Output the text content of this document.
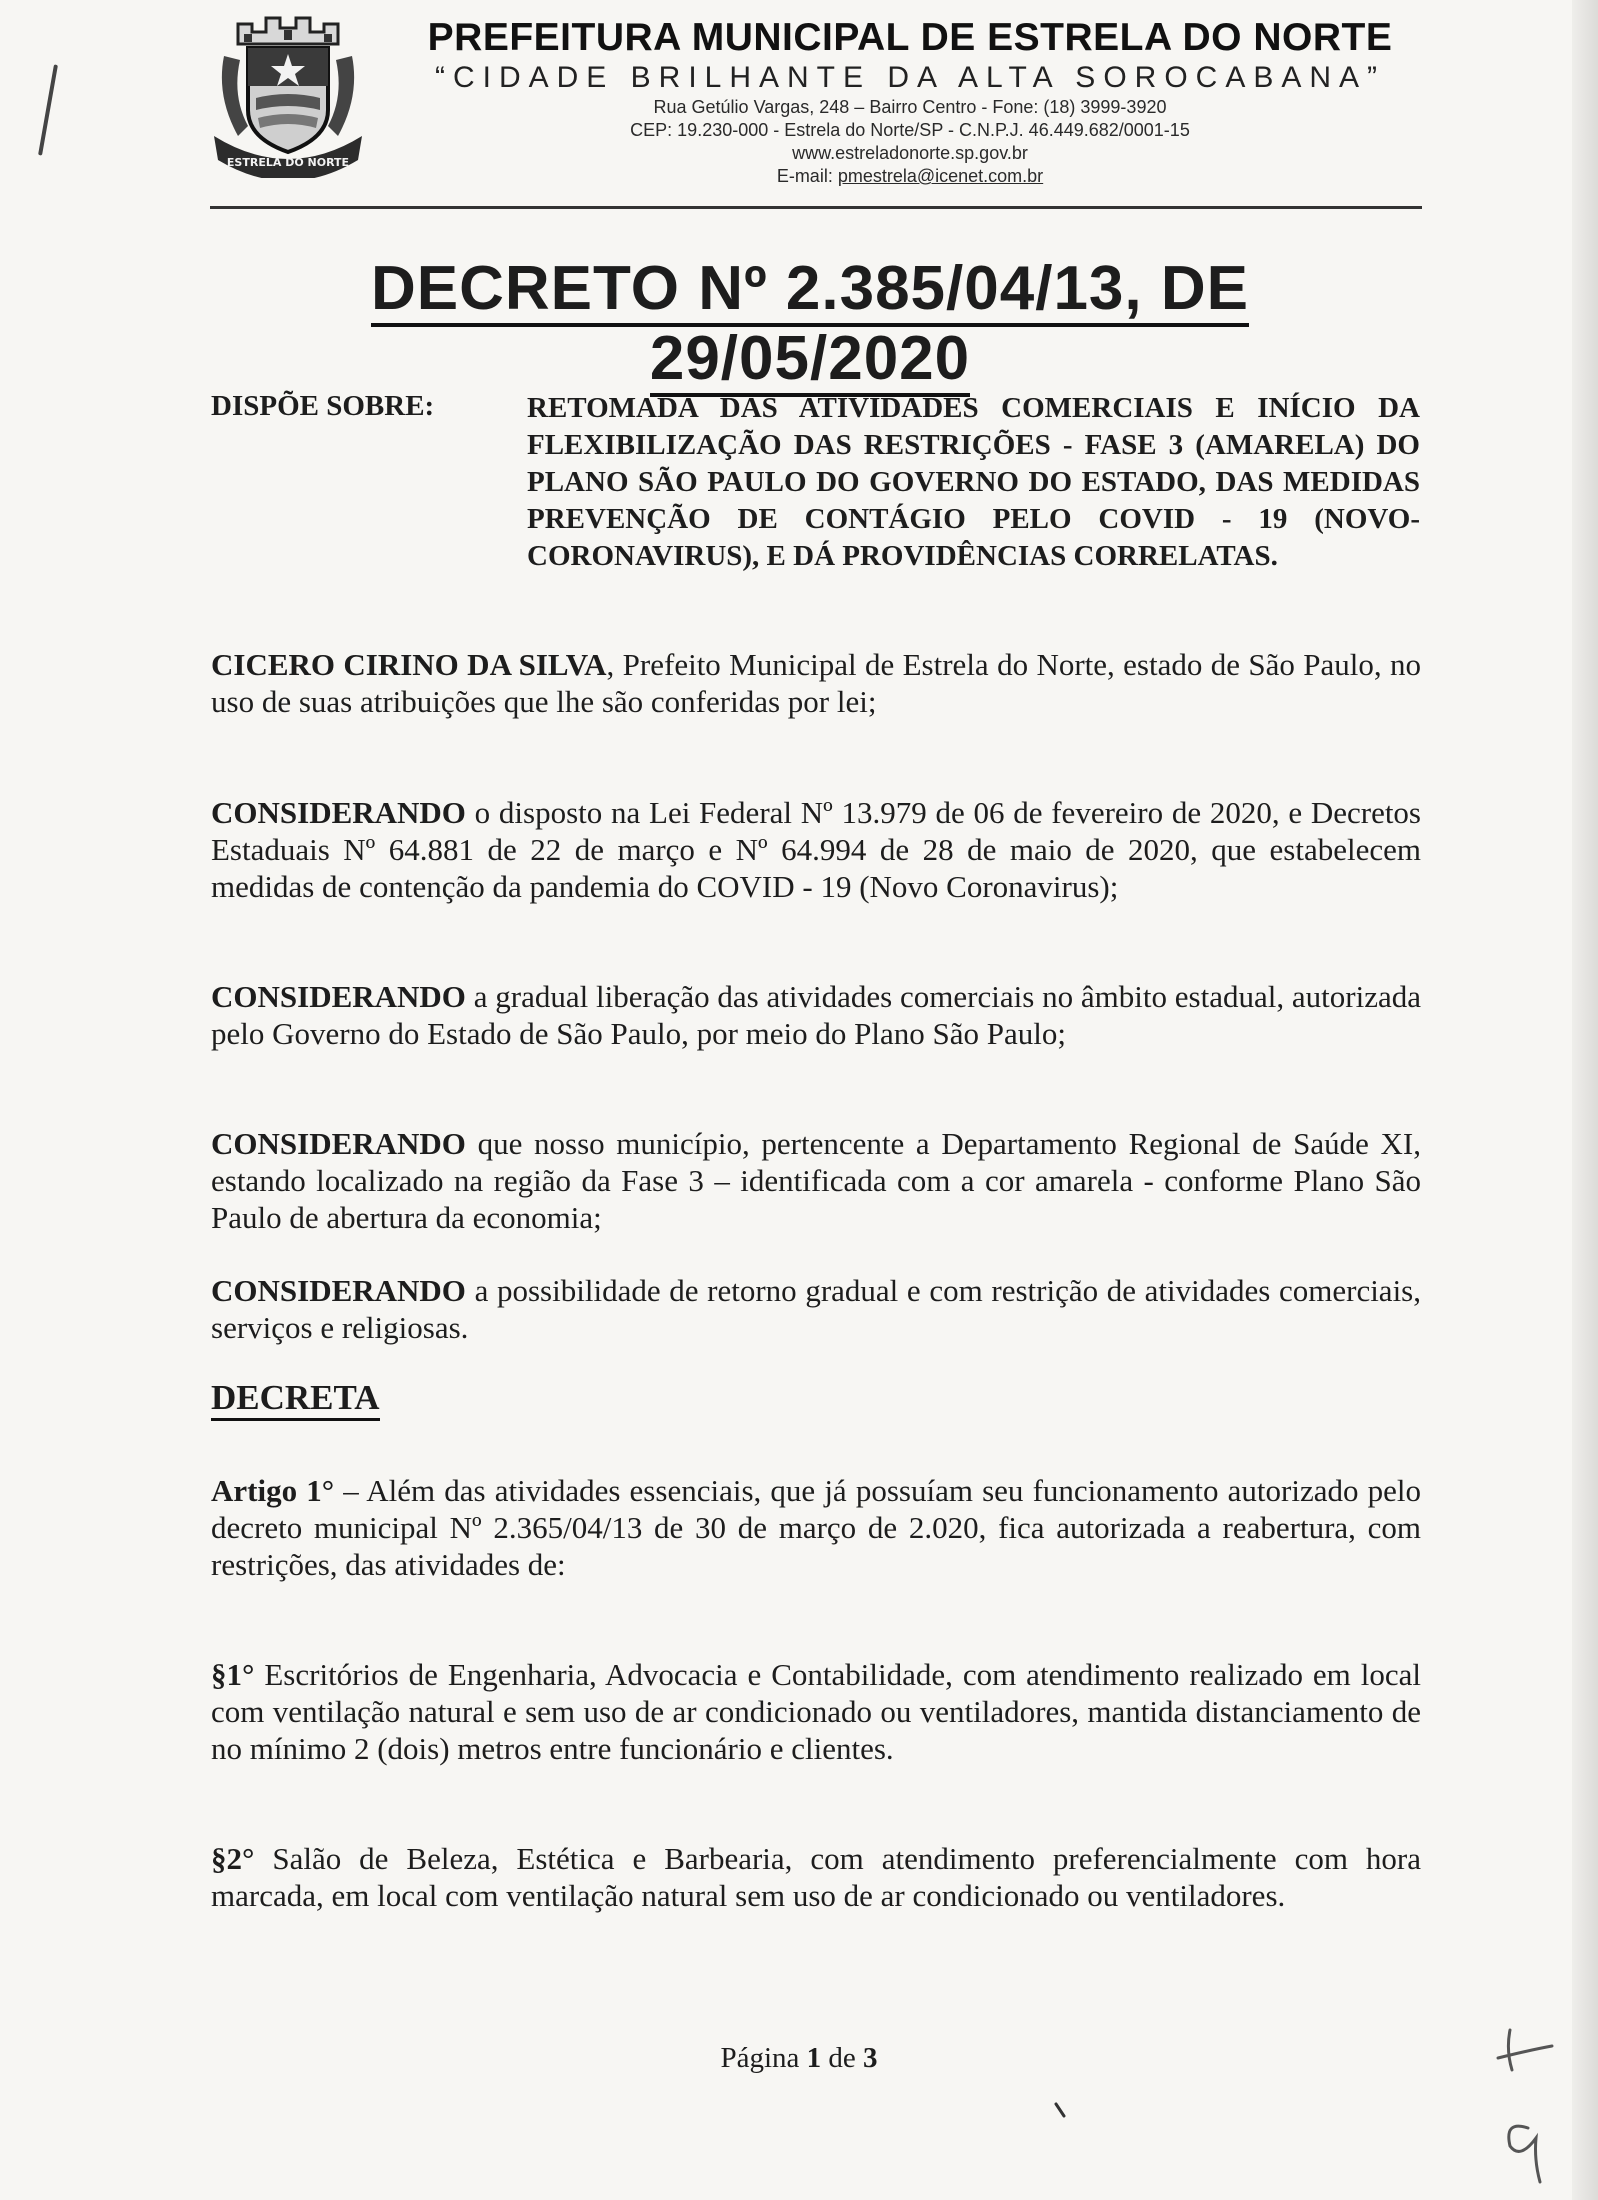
ESTRELA DO NORTE
PREFEITURA MUNICIPAL DE ESTRELA DO NORTE
“CIDADE BRILHANTE DA ALTA SOROCABANA”
Rua Getúlio Vargas, 248 – Bairro Centro - Fone: (18) 3999-3920
CEP: 19.230-000 - Estrela do Norte/SP - C.N.P.J. 46.449.682/0001-15
www.estreladonorte.sp.gov.br
E-mail: pmestrela@icenet.com.br
DECRETO Nº 2.385/04/13, DE 29/05/2020
DISPÕE SOBRE:	RETOMADA DAS ATIVIDADES COMERCIAIS E INÍCIO DA FLEXIBILIZAÇÃO DAS RESTRIÇÕES - FASE 3 (AMARELA) DO PLANO SÃO PAULO DO GOVERNO DO ESTADO, DAS MEDIDAS PREVENÇÃO DE CONTÁGIO PELO COVID - 19 (NOVO-CORONAVIRUS), E DÁ PROVIDÊNCIAS CORRELATAS.
CICERO CIRINO DA SILVA, Prefeito Municipal de Estrela do Norte, estado de São Paulo, no uso de suas atribuições que lhe são conferidas por lei;
CONSIDERANDO o disposto na Lei Federal Nº 13.979 de 06 de fevereiro de 2020, e Decretos Estaduais Nº 64.881 de 22 de março e Nº 64.994 de 28 de maio de 2020, que estabelecem medidas de contenção da pandemia do COVID - 19 (Novo Coronavirus);
CONSIDERANDO a gradual liberação das atividades comerciais no âmbito estadual, autorizada pelo Governo do Estado de São Paulo, por meio do Plano São Paulo;
CONSIDERANDO que nosso município, pertencente a Departamento Regional de Saúde XI, estando localizado na região da Fase 3 – identificada com a cor amarela - conforme Plano São Paulo de abertura da economia;
CONSIDERANDO a possibilidade de retorno gradual e com restrição de atividades comerciais, serviços e religiosas.
DECRETA
Artigo 1° – Além das atividades essenciais, que já possuíam seu funcionamento autorizado pelo decreto municipal Nº 2.365/04/13 de 30 de março de 2.020, fica autorizada a reabertura, com restrições, das atividades de:
§1° Escritórios de Engenharia, Advocacia e Contabilidade, com atendimento realizado em local com ventilação natural e sem uso de ar condicionado ou ventiladores, mantida distanciamento de no mínimo 2 (dois) metros entre funcionário e clientes.
§2° Salão de Beleza, Estética e Barbearia, com atendimento preferencialmente com hora marcada, em local com ventilação natural sem uso de ar condicionado ou ventiladores.
Página 1 de 3
